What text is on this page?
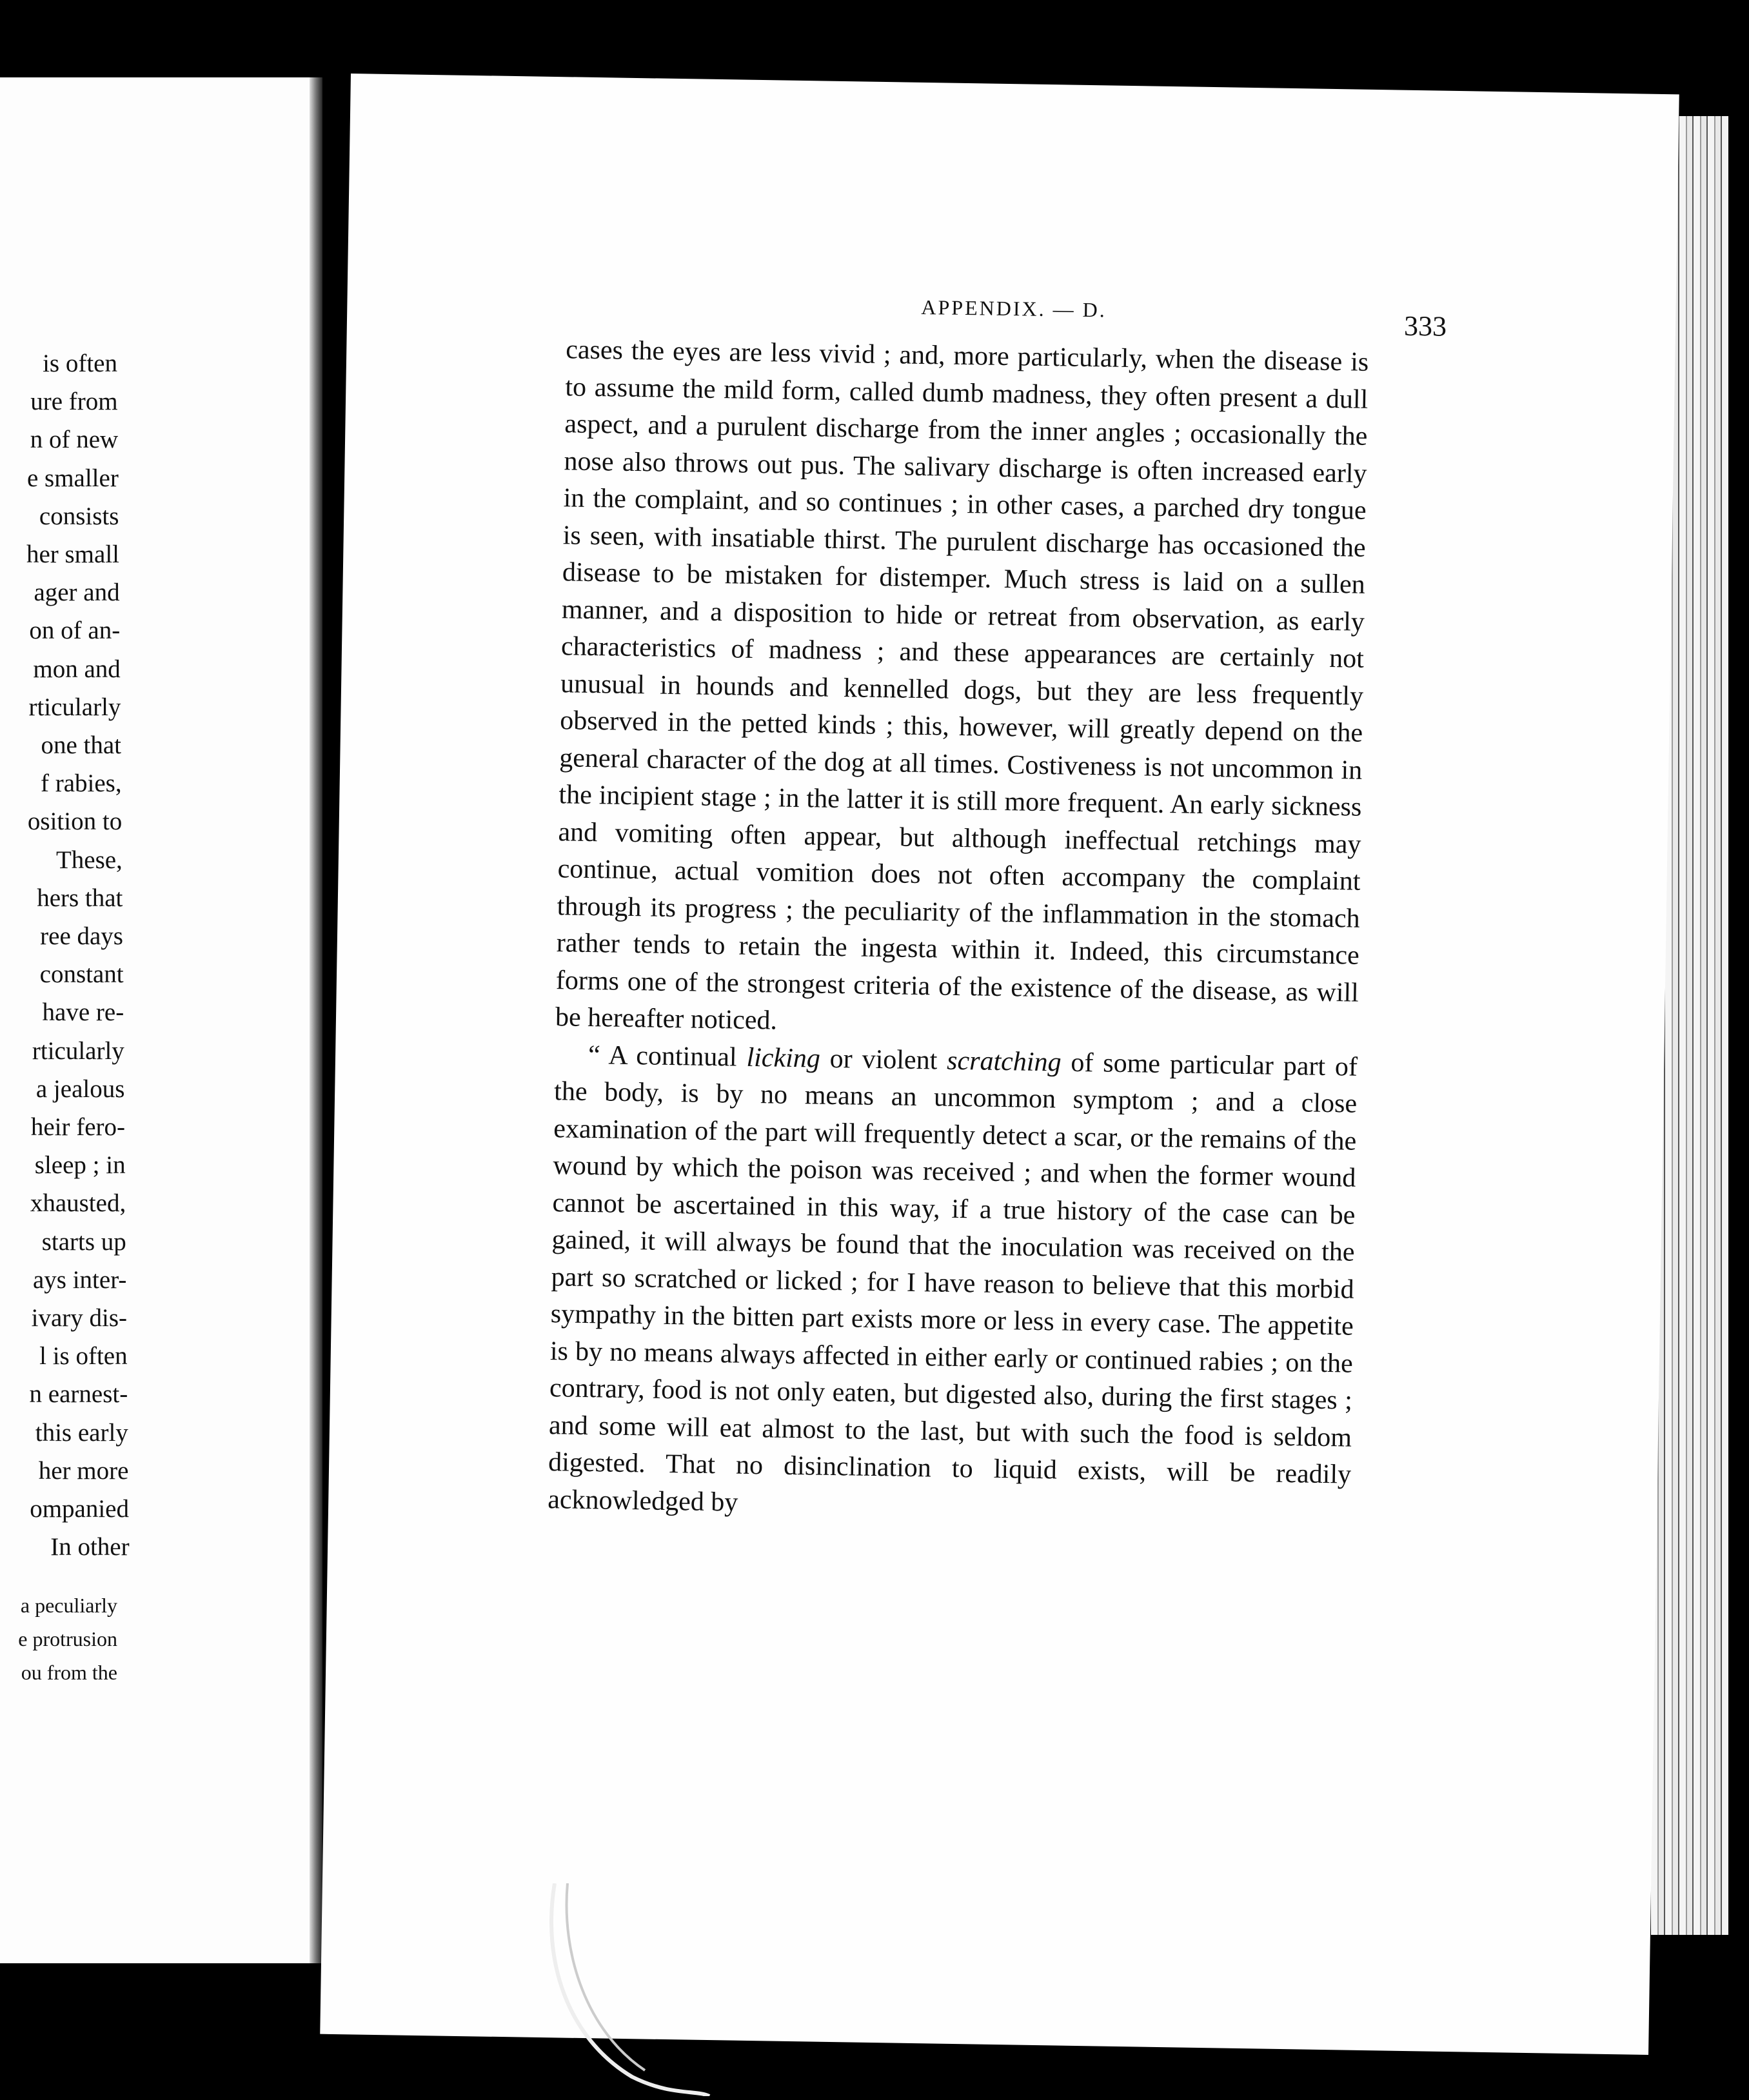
is often
ure from
n of new
e smaller
consists
her small
ager and
on of an-
mon and
rticularly
one that
f rabies,
osition to
These,
hers that
ree days
constant
have re-
rticularly
a jealous
heir fero-
sleep ; in
xhausted,
starts up
ays inter-
ivary dis-
l is often
n earnest-
this early
her more
ompanied
In other
a peculiarly
e protrusion
ou from the
APPENDIX. — D.
333

cases the eyes are less vivid ; and, more particularly, when the disease is to assume the mild form, called dumb madness, they often present a dull aspect, and a purulent discharge from the inner angles ; occasionally the nose also throws out pus. The salivary discharge is often increased early in the complaint, and so continues ; in other cases, a parched dry tongue is seen, with insatiable thirst. The purulent discharge has occasioned the disease to be mistaken for distemper. Much stress is laid on a sullen manner, and a disposition to hide or retreat from observation, as early characteristics of madness ; and these appearances are certainly not unusual in hounds and kennelled dogs, but they are less frequently observed in the petted kinds ; this, however, will greatly depend on the general character of the dog at all times. Costiveness is not uncommon in the incipient stage ; in the latter it is still more frequent. An early sickness and vomiting often appear, but although ineffectual retchings may continue, actual vomition does not often accompany the complaint through its progress ; the peculiarity of the inflammation in the stomach rather tends to retain the ingesta within it. Indeed, this circumstance forms one of the strongest criteria of the existence of the disease, as will be hereafter noticed.

“ A continual licking or violent scratching of some particular part of the body, is by no means an uncommon symptom ; and a close examination of the part will frequently detect a scar, or the remains of the wound by which the poison was received ; and when the former wound cannot be ascertained in this way, if a true history of the case can be gained, it will always be found that the inoculation was received on the part so scratched or licked ; for I have reason to believe that this morbid sympathy in the bitten part exists more or less in every case. The appetite is by no means always affected in either early or continued rabies ; on the contrary, food is not only eaten, but digested also, during the first stages ; and some will eat almost to the last, but with such the food is seldom digested. That no disinclination to liquid exists, will be readily acknowledged by
